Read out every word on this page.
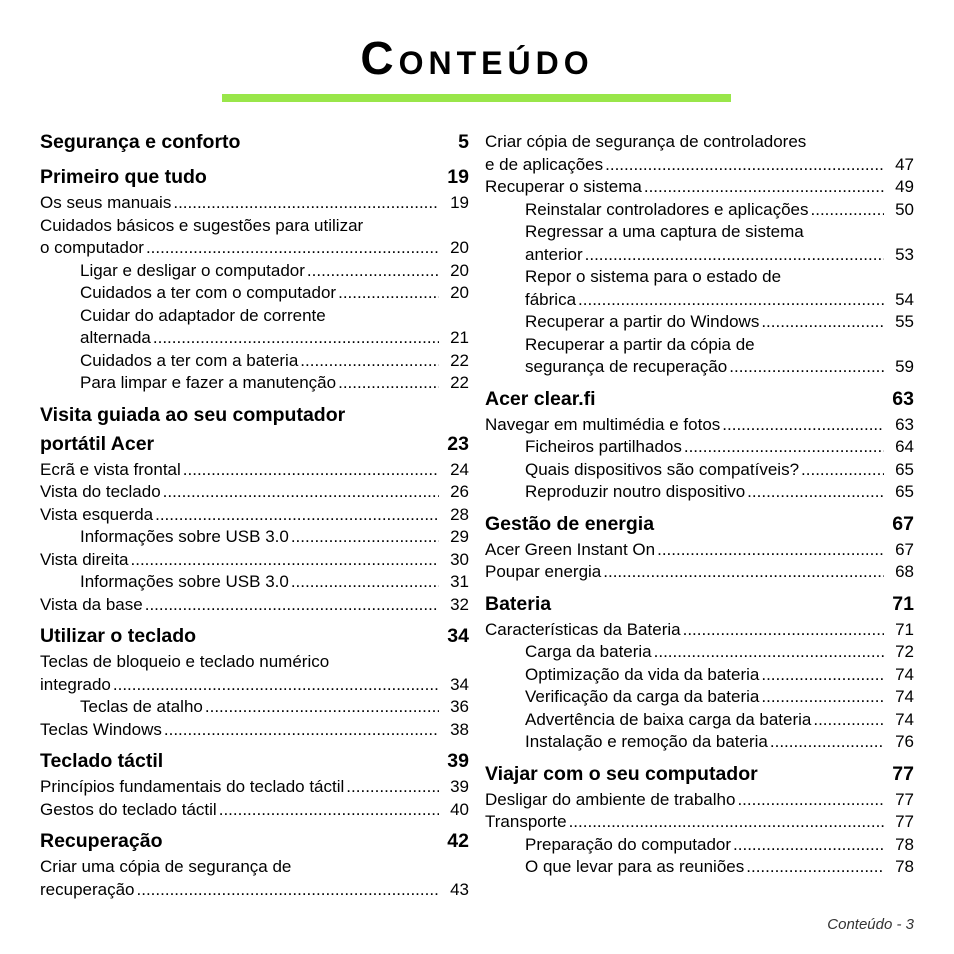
Conteúdo
Segurança e conforto	5
Primeiro que tudo	19
Os seus manuais .....	19
Cuidados básicos e sugestões para utilizar
o computador .....	20
Ligar e desligar o computador .....	20
Cuidados a ter com o computador .....	20
Cuidar do adaptador de corrente
alternada .....	21
Cuidados a ter com a bateria .....	22
Para limpar e fazer a manutenção .....	22
Visita guiada ao seu computador
portátil Acer	23
Ecrã e vista frontal .....	24
Vista do teclado .....	26
Vista esquerda .....	28
Informações sobre USB 3.0 .....	29
Vista direita .....	30
Informações sobre USB 3.0 .....	31
Vista da base .....	32
Utilizar o teclado	34
Teclas de bloqueio e teclado numérico
integrado .....	34
Teclas de atalho .....	36
Teclas Windows .....	38
Teclado táctil	39
Princípios fundamentais do teclado táctil .....	39
Gestos do teclado táctil .....	40
Recuperação	42
Criar uma cópia de segurança de
recuperação .....	43
Criar cópia de segurança de controladores
e de aplicações .....	47
Recuperar o sistema .....	49
Reinstalar controladores e aplicações .....	50
Regressar a uma captura de sistema
anterior .....	53
Repor o sistema para o estado de
fábrica .....	54
Recuperar a partir do Windows .....	55
Recuperar a partir da cópia de
segurança de recuperação .....	59
Acer clear.fi	63
Navegar em multimédia e fotos .....	63
Ficheiros partilhados .....	64
Quais dispositivos são compatíveis? .....	65
Reproduzir noutro dispositivo .....	65
Gestão de energia	67
Acer Green Instant On .....	67
Poupar energia .....	68
Bateria	71
Características da Bateria .....	71
Carga da bateria .....	72
Optimização da vida da bateria .....	74
Verificação da carga da bateria .....	74
Advertência de baixa carga da bateria .....	74
Instalação e remoção da bateria .....	76
Viajar com o seu computador	77
Desligar do ambiente de trabalho .....	77
Transporte .....	77
Preparação do computador .....	78
O que levar para as reuniões .....	78
Conteúdo - 3
